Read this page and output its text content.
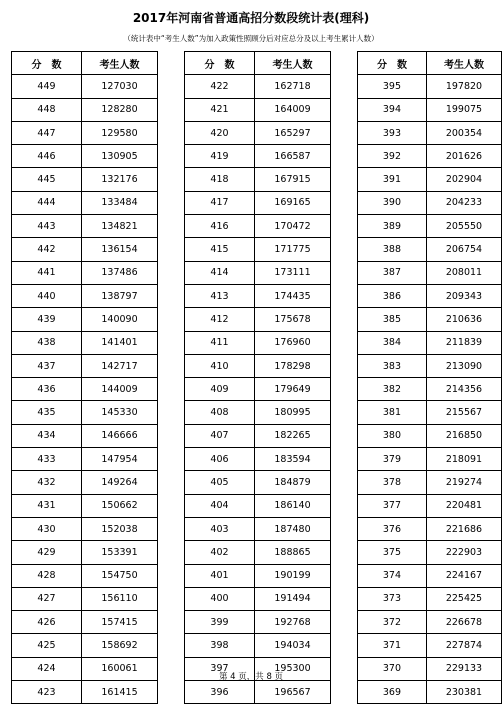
2017年河南省普通高招分数段统计表(理科)
（统计表中“考生人数”为加入政策性照顾分后对应总分及以上考生累计人数）
分　数	考生人数
449	127030
448	128280
447	129580
446	130905
445	132176
444	133484
443	134821
442	136154
441	137486
440	138797
439	140090
438	141401
437	142717
436	144009
435	145330
434	146666
433	147954
432	149264
431	150662
430	152038
429	153391
428	154750
427	156110
426	157415
425	158692
424	160061
423	161415
分　数	考生人数
422	162718
421	164009
420	165297
419	166587
418	167915
417	169165
416	170472
415	171775
414	173111
413	174435
412	175678
411	176960
410	178298
409	179649
408	180995
407	182265
406	183594
405	184879
404	186140
403	187480
402	188865
401	190199
400	191494
399	192768
398	194034
397	195300
396	196567
分　数	考生人数
395	197820
394	199075
393	200354
392	201626
391	202904
390	204233
389	205550
388	206754
387	208011
386	209343
385	210636
384	211839
383	213090
382	214356
381	215567
380	216850
379	218091
378	219274
377	220481
376	221686
375	222903
374	224167
373	225425
372	226678
371	227874
370	229133
369	230381
第 4 页，共 8 页
